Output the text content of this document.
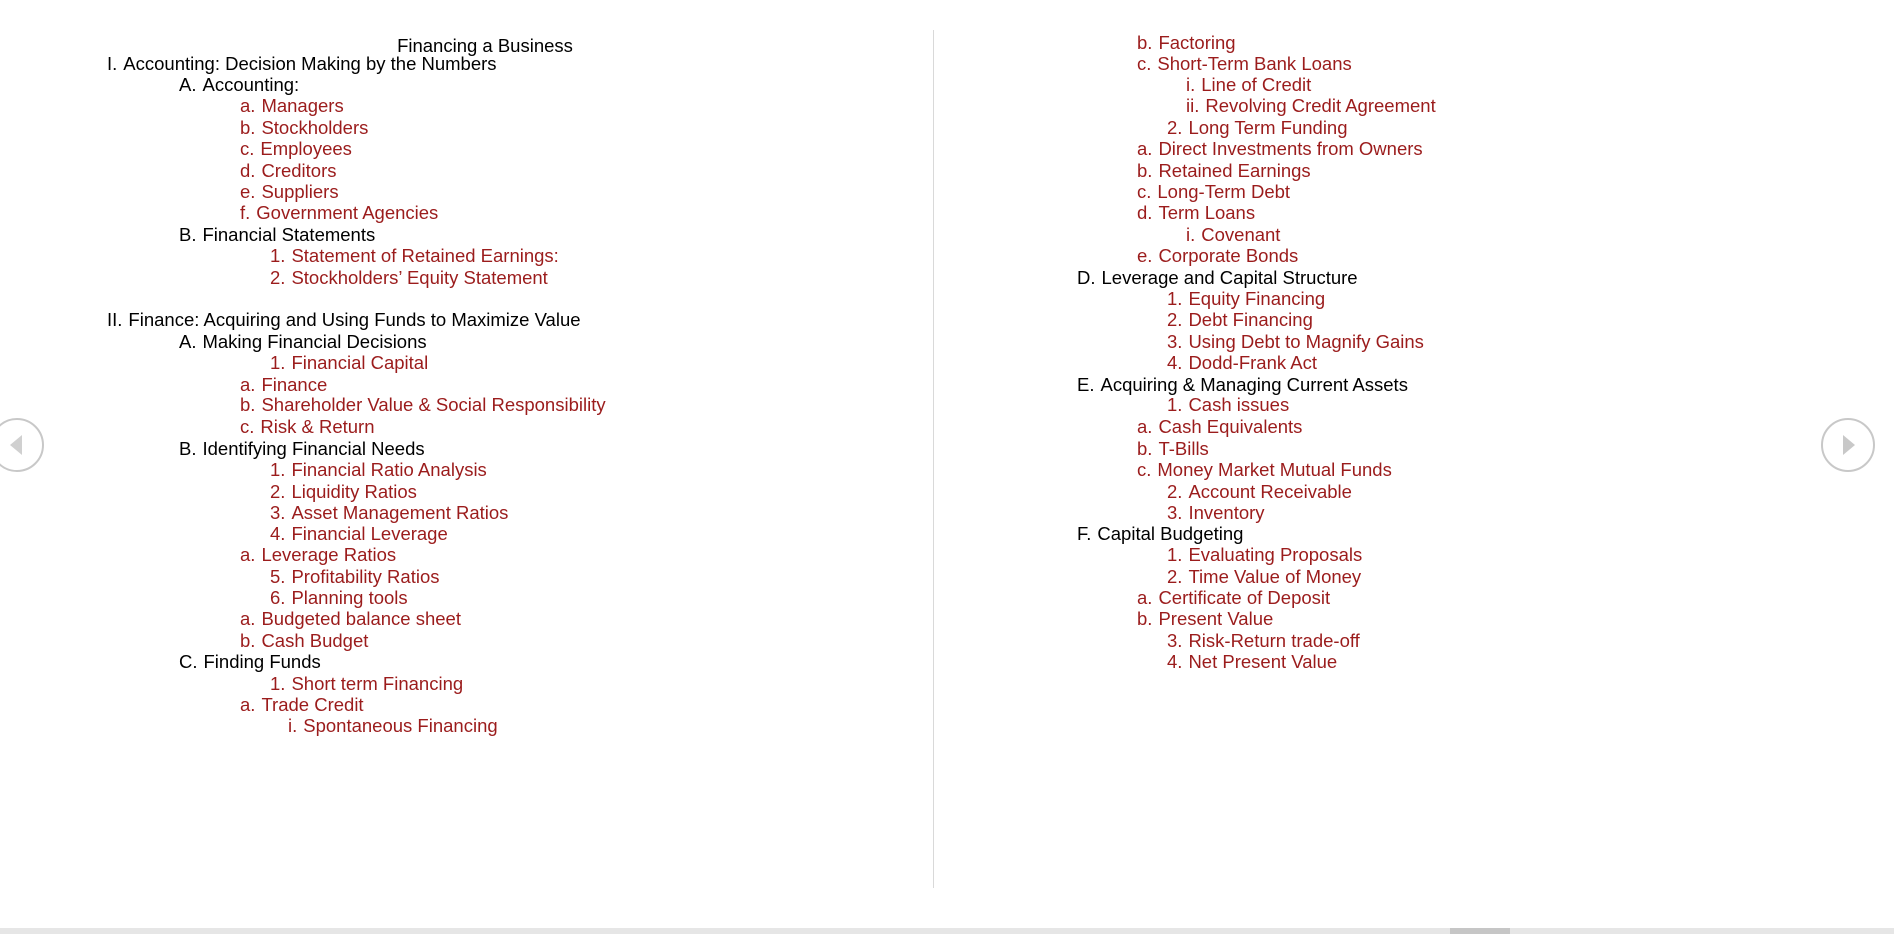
Financing a Business
I. Accounting: Decision Making by the Numbers
A. Accounting:
a. Managers
b. Stockholders
c. Employees
d. Creditors
e. Suppliers
f. Government Agencies
B. Financial Statements
1. Statement of Retained Earnings:
2. Stockholders’ Equity Statement
II. Finance: Acquiring and Using Funds to Maximize Value
A. Making Financial Decisions
1. Financial Capital
a. Finance
b. Shareholder Value & Social Responsibility
c. Risk & Return
B. Identifying Financial Needs
1. Financial Ratio Analysis
2. Liquidity Ratios
3. Asset Management Ratios
4. Financial Leverage
a. Leverage Ratios
5. Profitability Ratios
6. Planning tools
a. Budgeted balance sheet
b. Cash Budget
C. Finding Funds
1. Short term Financing
a. Trade Credit
i. Spontaneous Financing
b. Factoring
c. Short-Term Bank Loans
i. Line of Credit
ii. Revolving Credit Agreement
2. Long Term Funding
a. Direct Investments from Owners
b. Retained Earnings
c. Long-Term Debt
d. Term Loans
i. Covenant
e. Corporate Bonds
D. Leverage and Capital Structure
1. Equity Financing
2. Debt Financing
3. Using Debt to Magnify Gains
4. Dodd-Frank Act
E. Acquiring & Managing Current Assets
1. Cash issues
a. Cash Equivalents
b. T-Bills
c. Money Market Mutual Funds
2. Account Receivable
3. Inventory
F. Capital Budgeting
1. Evaluating Proposals
2. Time Value of Money
a. Certificate of Deposit
b. Present Value
3. Risk-Return trade-off
4. Net Present Value
